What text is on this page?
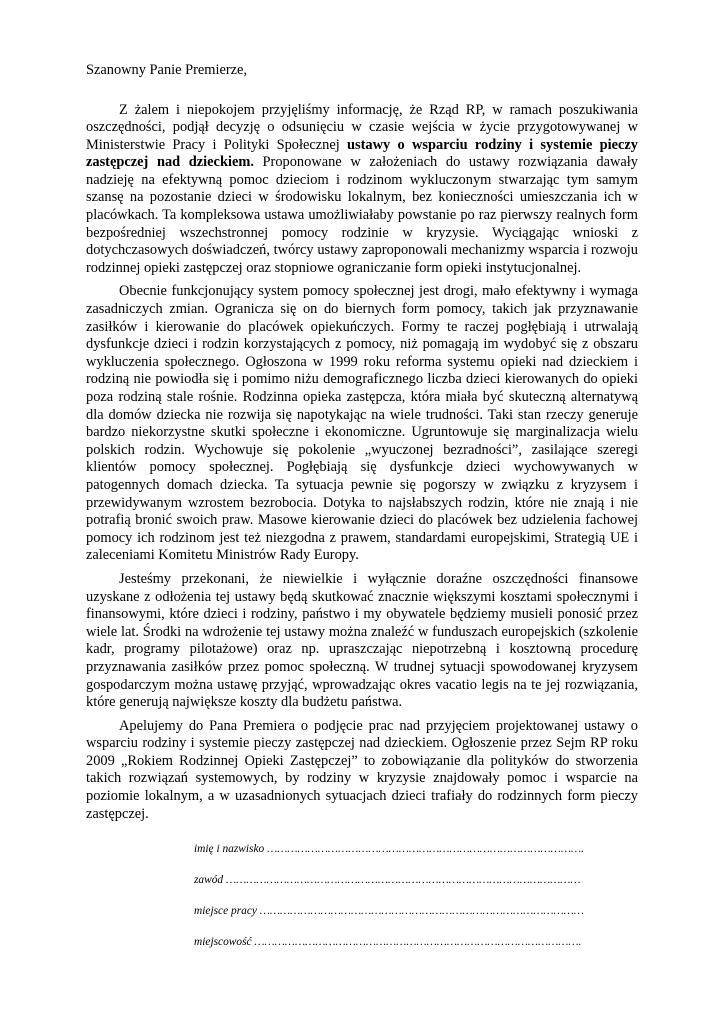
Szanowny Panie Premierze,

Z żalem i niepokojem przyjęliśmy informację, że Rząd RP, w ramach poszukiwania oszczędności, podjął decyzję o odsunięciu w czasie wejścia w życie przygotowywanej w Ministerstwie Pracy i Polityki Społecznej ustawy o wsparciu rodziny i systemie pieczy zastępczej nad dzieckiem. Proponowane w założeniach do ustawy rozwiązania dawały nadzieję na efektywną pomoc dzieciom i rodzinom wykluczonym stwarzając tym samym szansę na pozostanie dzieci w środowisku lokalnym, bez konieczności umieszczania ich w placówkach. Ta kompleksowa ustawa umożliwiałaby powstanie po raz pierwszy realnych form bezpośredniej wszechstronnej pomocy rodzinie w kryzysie. Wyciągając wnioski z dotychczasowych doświadczeń, twórcy ustawy zaproponowali mechanizmy wsparcia i rozwoju rodzinnej opieki zastępczej oraz stopniowe ograniczanie form opieki instytucjonalnej.

Obecnie funkcjonujący system pomocy społecznej jest drogi, mało efektywny i wymaga zasadniczych zmian. Ogranicza się on do biernych form pomocy, takich jak przyznawanie zasiłków i kierowanie do placówek opiekuńczych. Formy te raczej pogłębiają i utrwalają dysfunkcje dzieci i rodzin korzystających z pomocy, niż pomagają im wydobyć się z obszaru wykluczenia społecznego. Ogłoszona w 1999 roku reforma systemu opieki nad dzieckiem i rodziną nie powiodła się i pomimo niżu demograficznego liczba dzieci kierowanych do opieki poza rodziną stale rośnie. Rodzinna opieka zastępcza, która miała być skuteczną alternatywą dla domów dziecka nie rozwija się napotykając na wiele trudności. Taki stan rzeczy generuje bardzo niekorzystne skutki społeczne i ekonomiczne. Ugruntowuje się marginalizacja wielu polskich rodzin. Wychowuje się pokolenie „wyuczonej bezradności”, zasilające szeregi klientów pomocy społecznej. Pogłębiają się dysfunkcje dzieci wychowywanych w patogennych domach dziecka. Ta sytuacja pewnie się pogorszy w związku z kryzysem i przewidywanym wzrostem bezrobocia. Dotyka to najsłabszych rodzin, które nie znają i nie potrafią bronić swoich praw. Masowe kierowanie dzieci do placówek bez udzielenia fachowej pomocy ich rodzinom jest też niezgodna z prawem, standardami europejskimi, Strategią UE i zaleceniami Komitetu Ministrów Rady Europy.

Jesteśmy przekonani, że niewielkie i wyłącznie doraźne oszczędności finansowe uzyskane z odłożenia tej ustawy będą skutkować znacznie większymi kosztami społecznymi i finansowymi, które dzieci i rodziny, państwo i my obywatele będziemy musieli ponosić przez wiele lat. Środki na wdrożenie tej ustawy można znaleźć w funduszach europejskich (szkolenie kadr, programy pilotażowe) oraz np. upraszczając niepotrzebną i kosztowną procedurę przyznawania zasiłków przez pomoc społeczną. W trudnej sytuacji spowodowanej kryzysem gospodarczym można ustawę przyjąć, wprowadzając okres vacatio legis na te jej rozwiązania, które generują największe koszty dla budżetu państwa.

Apelujemy do Pana Premiera o podjęcie prac nad przyjęciem projektowanej ustawy o wsparciu rodziny i systemie pieczy zastępczej nad dzieckiem. Ogłoszenie przez Sejm RP roku 2009 „Rokiem Rodzinnej Opieki Zastępczej” to zobowiązanie dla polityków do stworzenia takich rozwiązań systemowych, by rodziny w kryzysie znajdowały pomoc i wsparcie na poziomie lokalnym, a w uzasadnionych sytuacjach dzieci trafiały do rodzinnych form pieczy zastępczej.

imię i nazwisko ………………………………………………………………………………….
zawód ……………………………………………………………………………………………
miejsce pracy ……………………………………………………………………………………
miejscowość …………………………………………………………………………………….
